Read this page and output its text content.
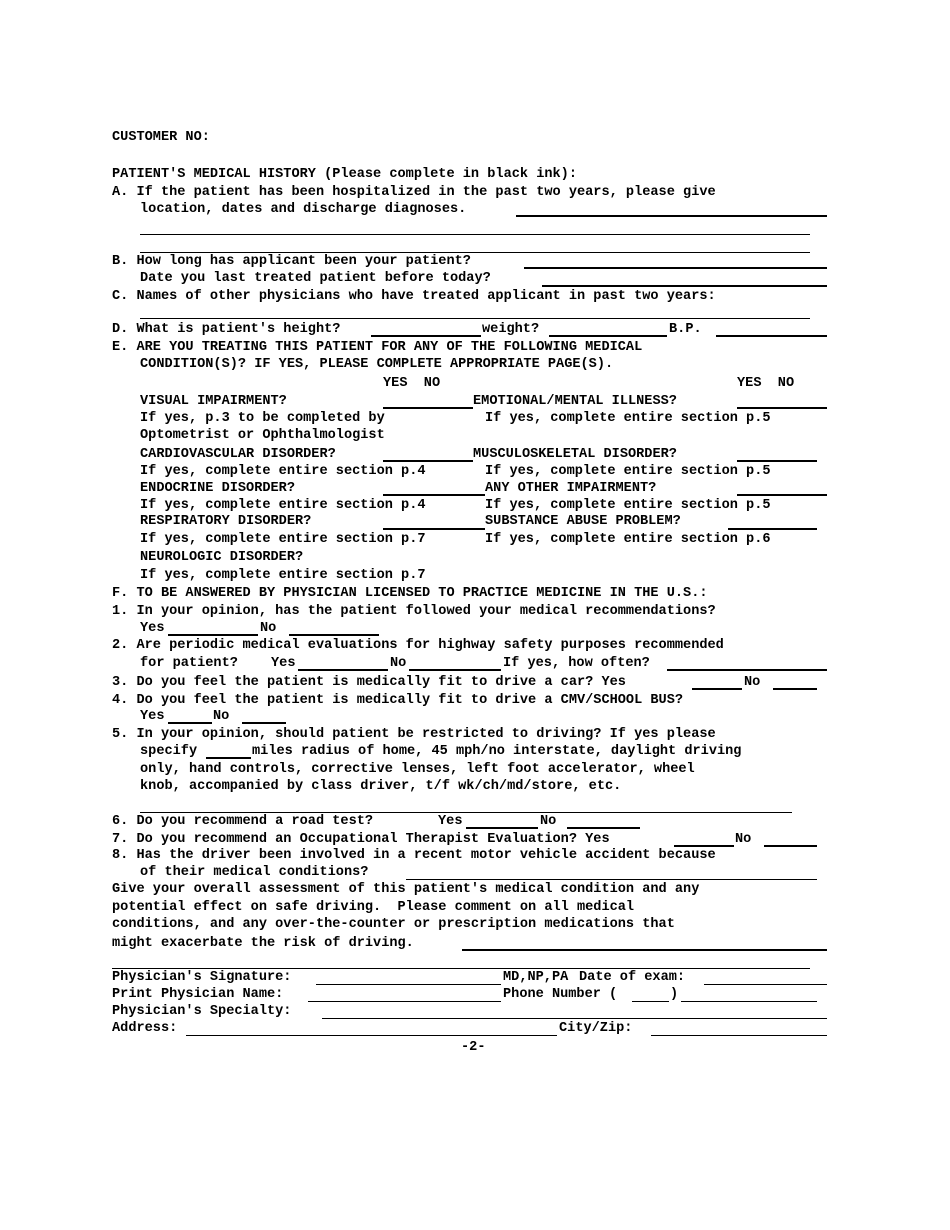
CUSTOMER NO:
PATIENT'S MEDICAL HISTORY (Please complete in black ink):
A. If the patient has been hospitalized in the past two years, please give
location, dates and discharge diagnoses.
B. How long has applicant been your patient?
Date you last treated patient before today?
C. Names of other physicians who have treated applicant in past two years:
D. What is patient's height?	weight?	B.P.
E. ARE YOU TREATING THIS PATIENT FOR ANY OF THE FOLLOWING MEDICAL
CONDITION(S)? IF YES, PLEASE COMPLETE APPROPRIATE PAGE(S).
YES  NO	YES  NO
VISUAL IMPAIRMENT?	EMOTIONAL/MENTAL ILLNESS?
If yes, p.3 to be completed by	If yes, complete entire section p.5
Optometrist or Ophthalmologist
CARDIOVASCULAR DISORDER?	MUSCULOSKELETAL DISORDER?
If yes, complete entire section p.4	If yes, complete entire section p.5
ENDOCRINE DISORDER?	ANY OTHER IMPAIRMENT?
If yes, complete entire section p.4	If yes, complete entire section p.5
RESPIRATORY DISORDER?	SUBSTANCE ABUSE PROBLEM?
If yes, complete entire section p.7	If yes, complete entire section p.6
NEUROLOGIC DISORDER?
If yes, complete entire section p.7
F. TO BE ANSWERED BY PHYSICIAN LICENSED TO PRACTICE MEDICINE IN THE U.S.:
1. In your opinion, has the patient followed your medical recommendations?
Yes	No
2. Are periodic medical evaluations for highway safety purposes recommended
for patient? Yes	No	If yes, how often?
3. Do you feel the patient is medically fit to drive a car? Yes	No
4. Do you feel the patient is medically fit to drive a CMV/SCHOOL BUS?
Yes	No
5. In your opinion, should patient be restricted to driving? If yes please
specify	miles radius of home, 45 mph/no interstate, daylight driving
only, hand controls, corrective lenses, left foot accelerator, wheel
knob, accompanied by class driver, t/f wk/ch/md/store, etc.
6. Do you recommend a road test?	Yes	No
7. Do you recommend an Occupational Therapist Evaluation? Yes	No
8. Has the driver been involved in a recent motor vehicle accident because
of their medical conditions?
Give your overall assessment of this patient's medical condition and any
potential effect on safe driving.  Please comment on all medical
conditions, and any over-the-counter or prescription medications that
might exacerbate the risk of driving.
Physician's Signature:	MD,NP,PA Date of exam:
Print Physician Name:	Phone Number (	)
Physician's Specialty:
Address:	City/Zip:
-2-
